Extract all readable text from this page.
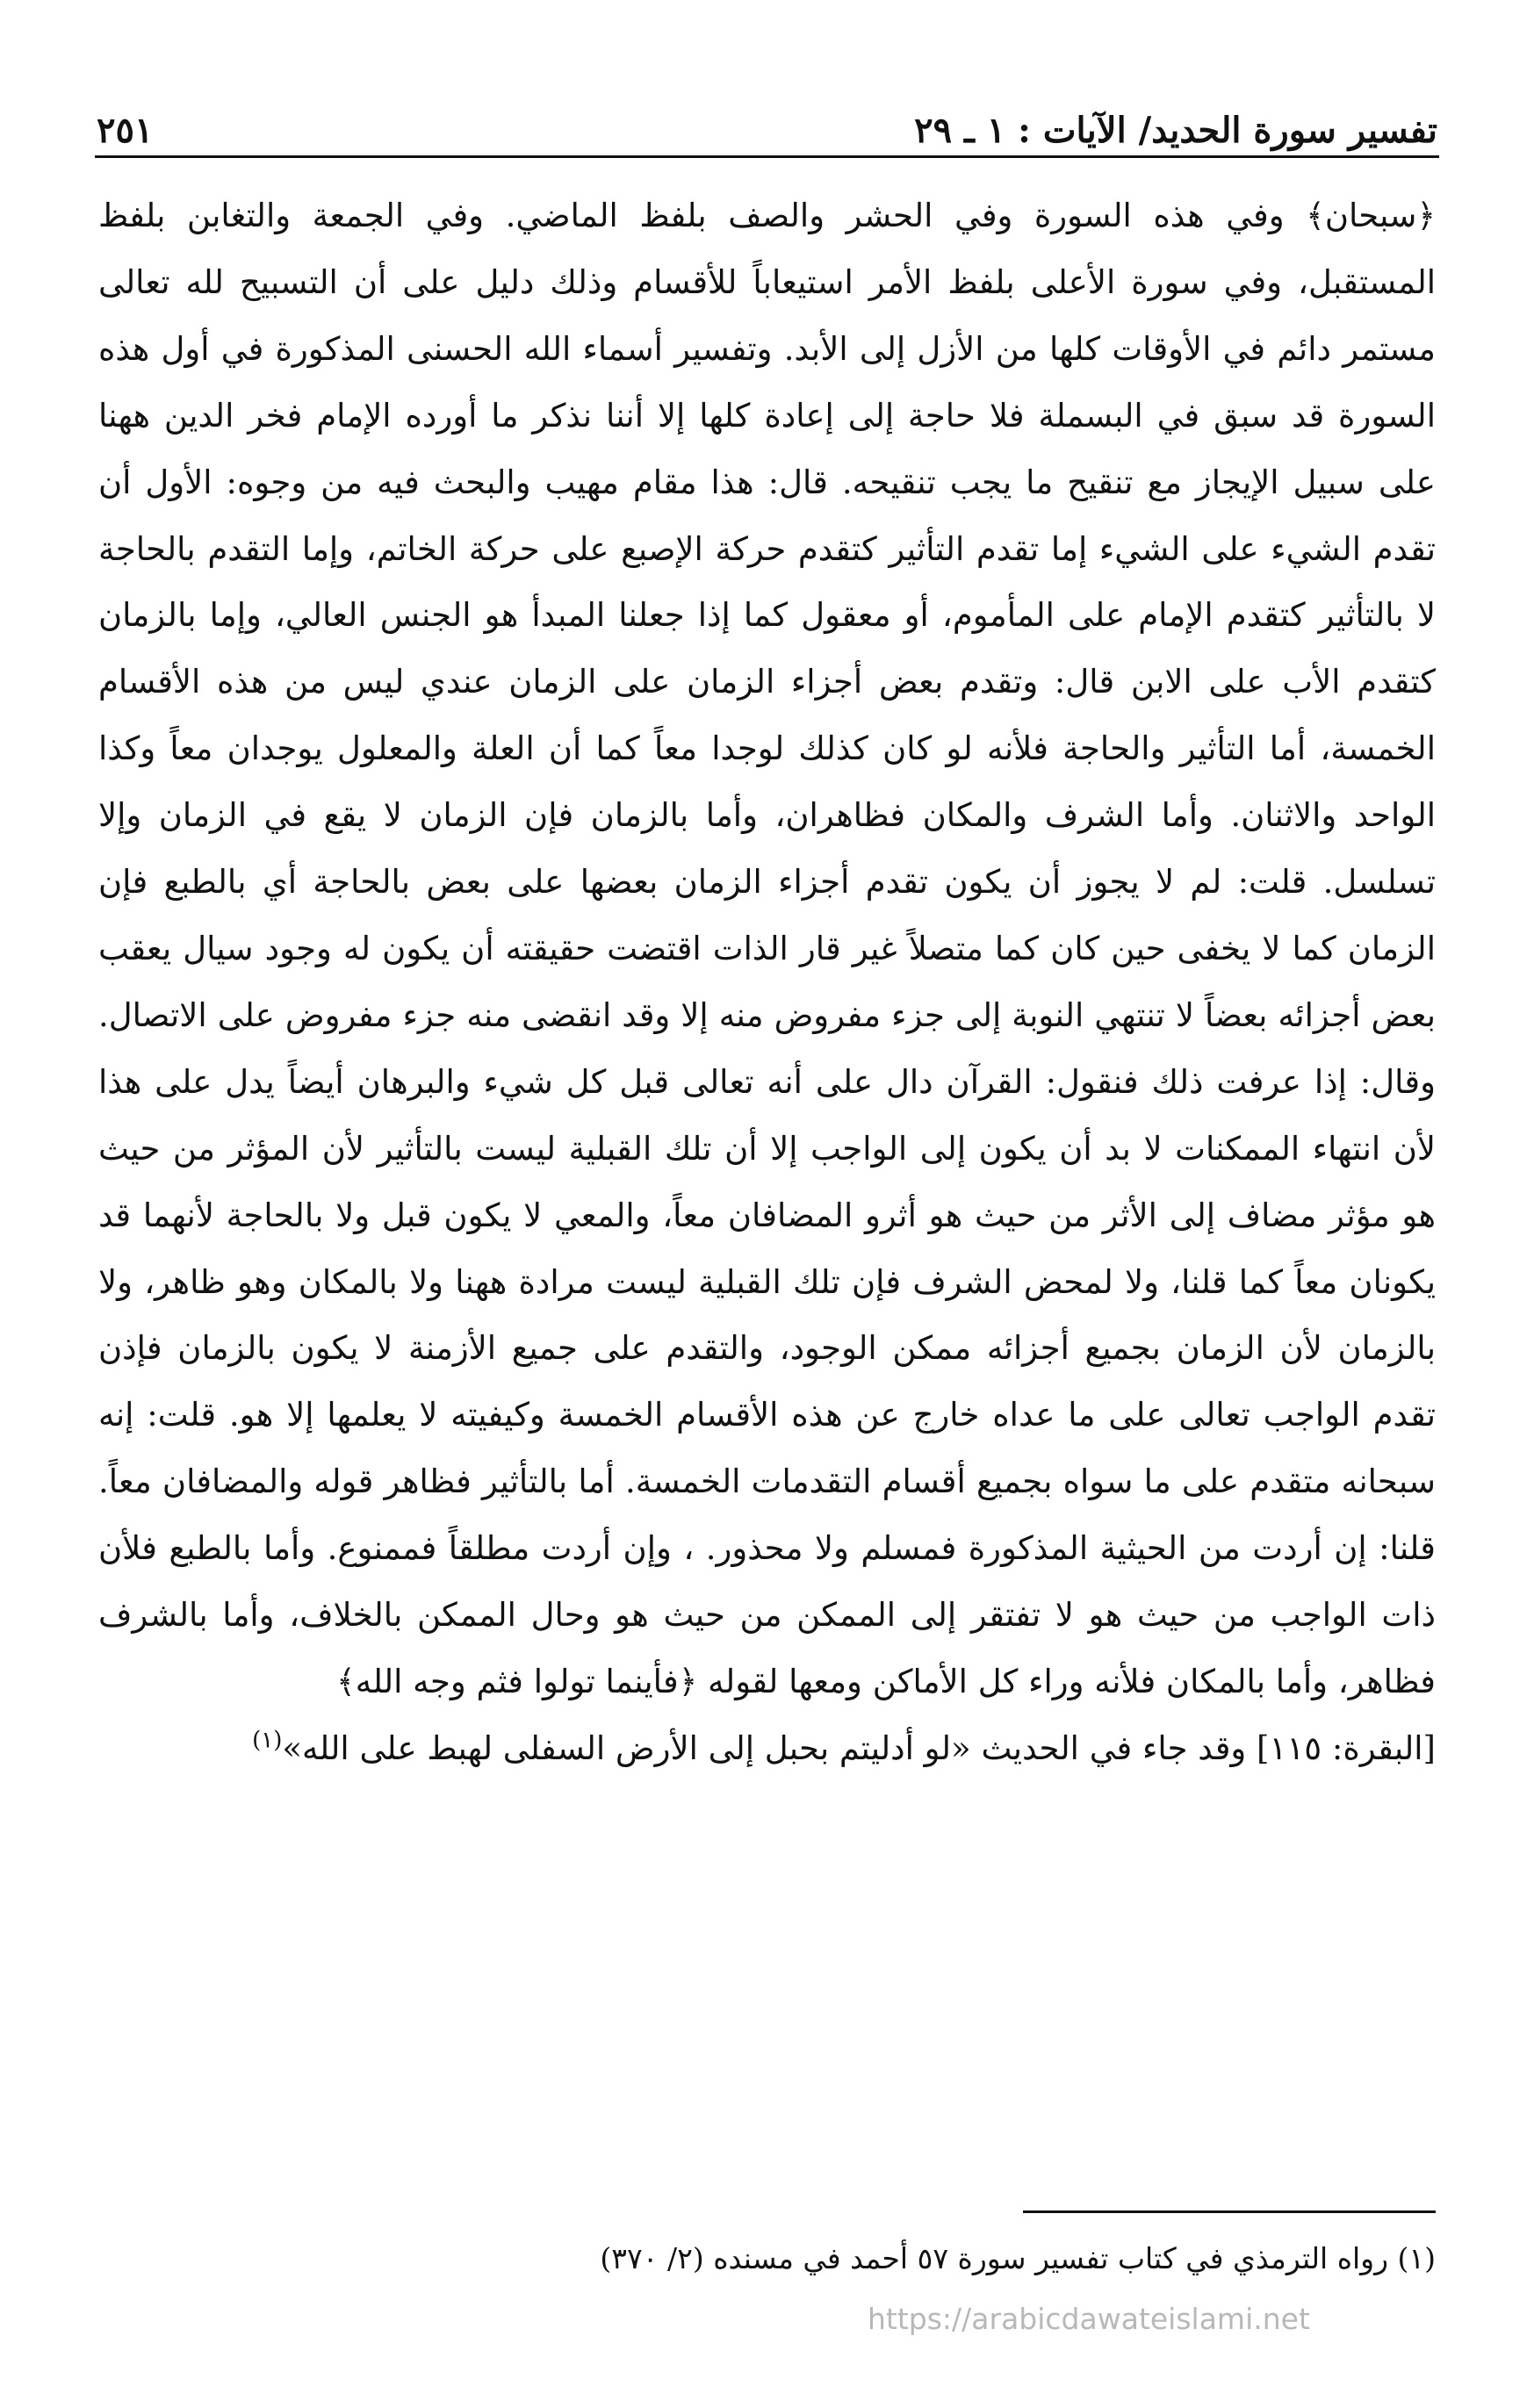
تفسير سورة الحديد/ الآيات : ١ ـ ٢٩
٢٥١

﴿سبحان﴾ وفي هذه السورة وفي الحشر والصف بلفظ الماضي. وفي الجمعة والتغابن بلفظ المستقبل، وفي سورة الأعلى بلفظ الأمر استيعاباً للأقسام وذلك دليل على أن التسبيح لله تعالى مستمر دائم في الأوقات كلها من الأزل إلى الأبد. وتفسير أسماء الله الحسنى المذكورة في أول هذه السورة قد سبق في البسملة فلا حاجة إلى إعادة كلها إلا أننا نذكر ما أورده الإمام فخر الدين ههنا على سبيل الإيجاز مع تنقيح ما يجب تنقيحه. قال: هذا مقام مهيب والبحث فيه من وجوه: الأول أن تقدم الشيء على الشيء إما تقدم التأثير كتقدم حركة الإصبع على حركة الخاتم، وإما التقدم بالحاجة لا بالتأثير كتقدم الإمام على المأموم، أو معقول كما إذا جعلنا المبدأ هو الجنس العالي، وإما بالزمان كتقدم الأب على الابن قال: وتقدم بعض أجزاء الزمان على الزمان عندي ليس من هذه الأقسام الخمسة، أما التأثير والحاجة فلأنه لو كان كذلك لوجدا معاً كما أن العلة والمعلول يوجدان معاً وكذا الواحد والاثنان. وأما الشرف والمكان فظاهران، وأما بالزمان فإن الزمان لا يقع في الزمان وإلا تسلسل. قلت: لم لا يجوز أن يكون تقدم أجزاء الزمان بعضها على بعض بالحاجة أي بالطبع فإن الزمان كما لا يخفى حين كان كما متصلاً غير قار الذات اقتضت حقيقته أن يكون له وجود سيال يعقب بعض أجزائه بعضاً لا تنتهي النوبة إلى جزء مفروض منه إلا وقد انقضى منه جزء مفروض على الاتصال. وقال: إذا عرفت ذلك فنقول: القرآن دال على أنه تعالى قبل كل شيء والبرهان أيضاً يدل على هذا لأن انتهاء الممكنات لا بد أن يكون إلى الواجب إلا أن تلك القبلية ليست بالتأثير لأن المؤثر من حيث هو مؤثر مضاف إلى الأثر من حيث هو أثرو المضافان معاً، والمعي لا يكون قبل ولا بالحاجة لأنهما قد يكونان معاً كما قلنا، ولا لمحض الشرف فإن تلك القبلية ليست مرادة ههنا ولا بالمكان وهو ظاهر، ولا بالزمان لأن الزمان بجميع أجزائه ممكن الوجود، والتقدم على جميع الأزمنة لا يكون بالزمان فإذن تقدم الواجب تعالى على ما عداه خارج عن هذه الأقسام الخمسة وكيفيته لا يعلمها إلا هو. قلت: إنه سبحانه متقدم على ما سواه بجميع أقسام التقدمات الخمسة. أما بالتأثير فظاهر قوله والمضافان معاً. قلنا: إن أردت من الحيثية المذكورة فمسلم ولا محذور. ، وإن أردت مطلقاً فممنوع. وأما بالطبع فلأن ذات الواجب من حيث هو لا تفتقر إلى الممكن من حيث هو وحال الممكن بالخلاف، وأما بالشرف فظاهر، وأما بالمكان فلأنه وراء كل الأماكن ومعها لقوله ﴿فأينما تولوا فثم وجه الله﴾

[البقرة: ١١٥] وقد جاء في الحديث «لو أدليتم بحبل إلى الأرض السفلى لهبط على الله»$^{(١)}$
(١) رواه الترمذي في كتاب تفسير سورة ٥٧ أحمد في مسنده (٢/ ٣٧٠)
https://arabicdawateislami.net
